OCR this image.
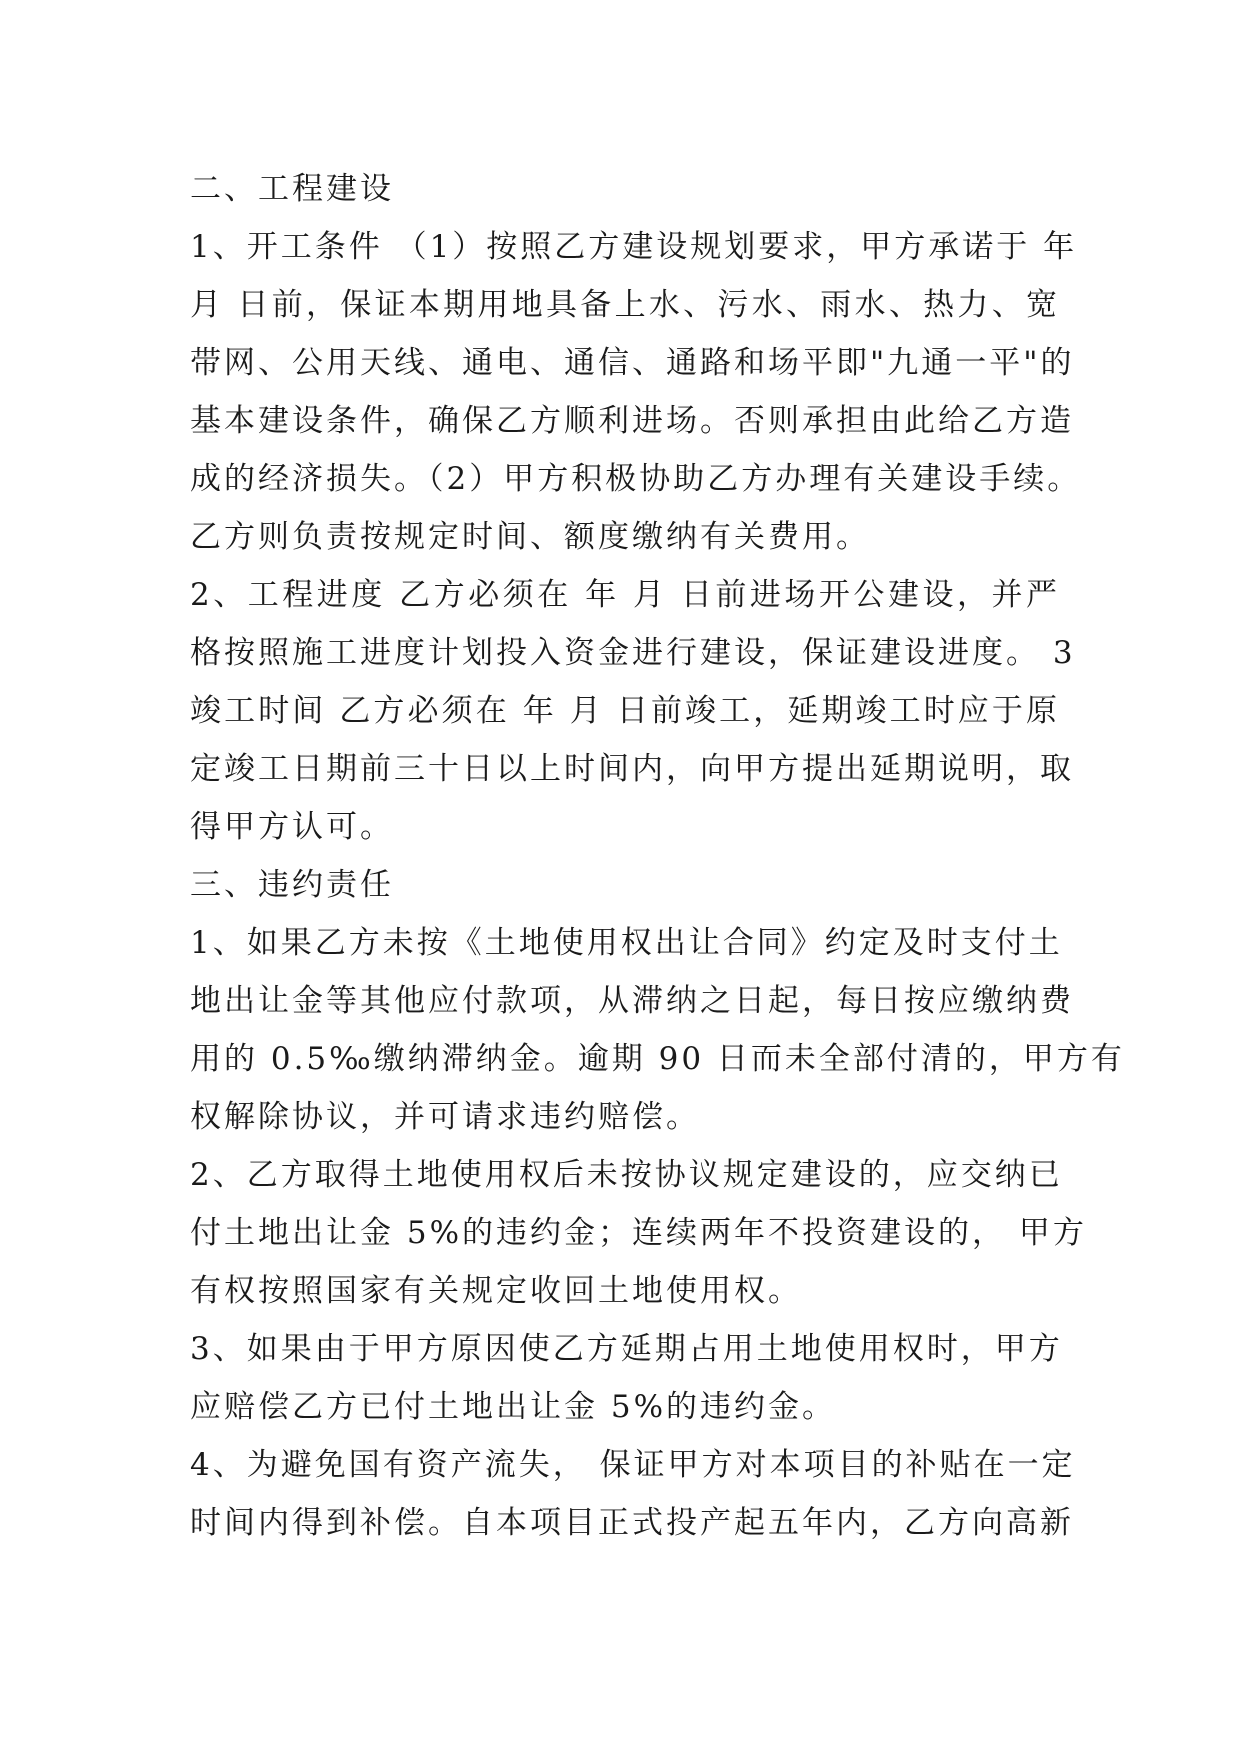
二、工程建设
1、开工条件 （1）按照乙方建设规划要求，甲方承诺于 年
月 日前，保证本期用地具备上水、污水、雨水、热力、宽
带网、公用天线、通电、通信、通路和场平即"九通一平"的
基本建设条件，确保乙方顺利进场。否则承担由此给乙方造
成的经济损失。（2）甲方积极协助乙方办理有关建设手续。
乙方则负责按规定时间、额度缴纳有关费用。
2、工程进度 乙方必须在 年 月 日前进场开公建设，并严
格按照施工进度计划投入资金进行建设，保证建设进度。 3
竣工时间 乙方必须在 年 月 日前竣工，延期竣工时应于原
定竣工日期前三十日以上时间内，向甲方提出延期说明，取
得甲方认可。
三、违约责任
1、如果乙方未按《土地使用权出让合同》约定及时支付土
地出让金等其他应付款项，从滞纳之日起，每日按应缴纳费
用的 0.5‰缴纳滞纳金。逾期 90 日而未全部付清的，甲方有
权解除协议，并可请求违约赔偿。
2、乙方取得土地使用权后未按协议规定建设的，应交纳已
付土地出让金 5%的违约金；连续两年不投资建设的， 甲方
有权按照国家有关规定收回土地使用权。
3、如果由于甲方原因使乙方延期占用土地使用权时，甲方
应赔偿乙方已付土地出让金 5%的违约金。
4、为避免国有资产流失， 保证甲方对本项目的补贴在一定
时间内得到补偿。自本项目正式投产起五年内，乙方向高新
